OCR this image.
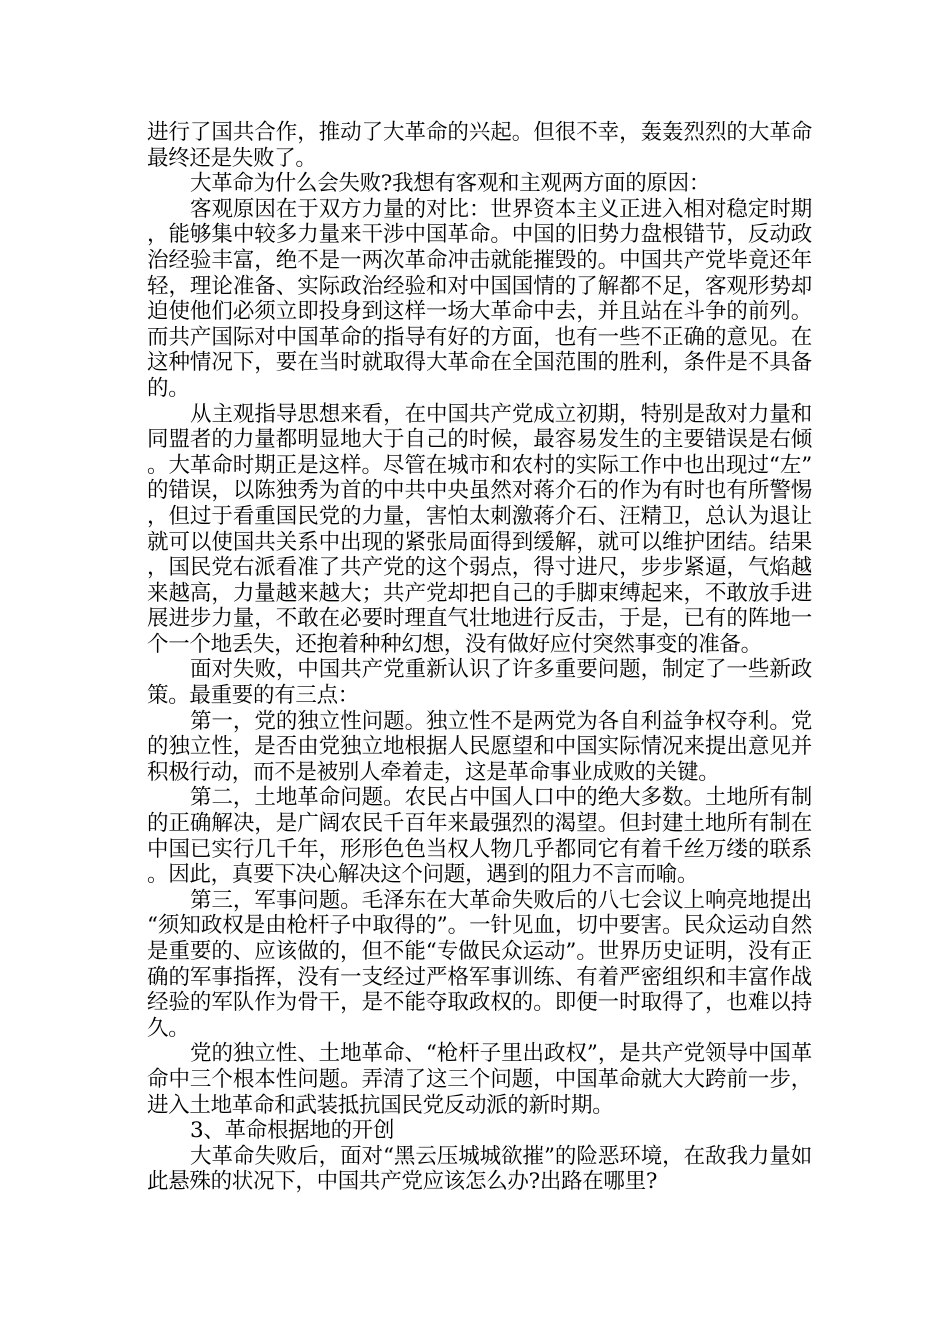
进行了国共合作，推动了大革命的兴起。但很不幸，轰轰烈烈的大革命最终还是失败了。

大革命为什么会失败?我想有客观和主观两方面的原因：

客观原因在于双方力量的对比：世界资本主义正进入相对稳定时期，能够集中较多力量来干涉中国革命。中国的旧势力盘根错节，反动政治经验丰富，绝不是一两次革命冲击就能摧毁的。中国共产党毕竟还年轻，理论准备、实际政治经验和对中国国情的了解都不足，客观形势却迫使他们必须立即投身到这样一场大革命中去，并且站在斗争的前列。而共产国际对中国革命的指导有好的方面，也有一些不正确的意见。在这种情况下，要在当时就取得大革命在全国范围的胜利，条件是不具备的。

从主观指导思想来看，在中国共产党成立初期，特别是敌对力量和同盟者的力量都明显地大于自己的时候，最容易发生的主要错误是右倾。大革命时期正是这样。尽管在城市和农村的实际工作中也出现过“左”的错误，以陈独秀为首的中共中央虽然对蒋介石的作为有时也有所警惕，但过于看重国民党的力量，害怕太刺激蒋介石、汪精卫，总认为退让就可以使国共关系中出现的紧张局面得到缓解，就可以维护团结。结果，国民党右派看准了共产党的这个弱点，得寸进尺，步步紧逼，气焰越来越高，力量越来越大；共产党却把自己的手脚束缚起来，不敢放手进展进步力量，不敢在必要时理直气壮地进行反击，于是，已有的阵地一个一个地丢失，还抱着种种幻想，没有做好应付突然事变的准备。

面对失败，中国共产党重新认识了许多重要问题，制定了一些新政策。最重要的有三点：

第一，党的独立性问题。独立性不是两党为各自利益争权夺利。党的独立性，是否由党独立地根据人民愿望和中国实际情况来提出意见并积极行动，而不是被别人牵着走，这是革命事业成败的关键。

第二，土地革命问题。农民占中国人口中的绝大多数。土地所有制的正确解决，是广阔农民千百年来最强烈的渴望。但封建土地所有制在中国已实行几千年，形形色色当权人物几乎都同它有着千丝万缕的联系。因此，真要下决心解决这个问题，遇到的阻力不言而喻。

第三，军事问题。毛泽东在大革命失败后的八七会议上响亮地提出“须知政权是由枪杆子中取得的”。一针见血，切中要害。民众运动自然是重要的、应该做的，但不能“专做民众运动”。世界历史证明，没有正确的军事指挥，没有一支经过严格军事训练、有着严密组织和丰富作战经验的军队作为骨干，是不能夺取政权的。即便一时取得了，也难以持久。

党的独立性、土地革命、“枪杆子里出政权”，是共产党领导中国革命中三个根本性问题。弄清了这三个问题，中国革命就大大跨前一步，进入土地革命和武装抵抗国民党反动派的新时期。

3、革命根据地的开创

大革命失败后，面对“黑云压城城欲摧”的险恶环境，在敌我力量如此悬殊的状况下，中国共产党应该怎么办?出路在哪里?
